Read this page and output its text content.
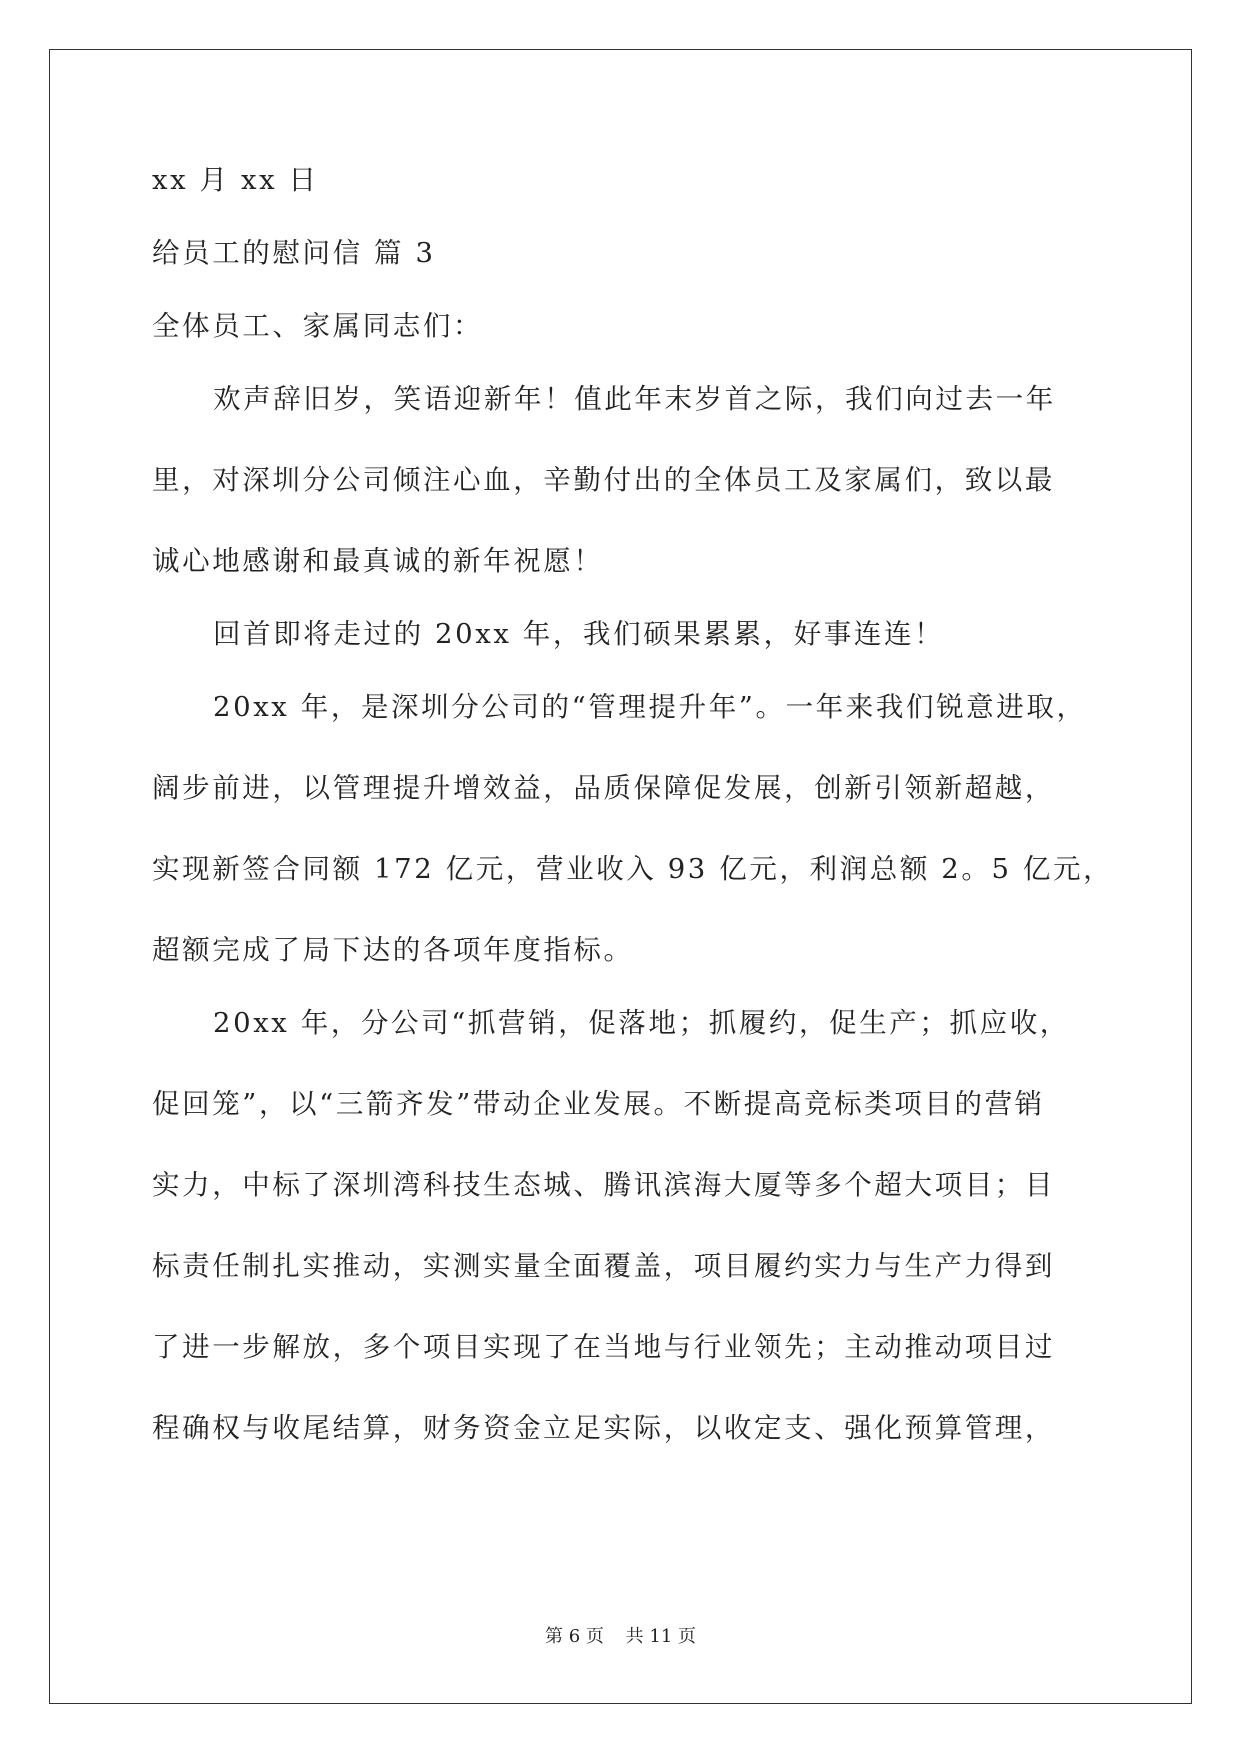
xx 月 xx 日
给员工的慰问信 篇 3
全体员工、家属同志们：
欢声辞旧岁，笑语迎新年！值此年末岁首之际，我们向过去一年
里，对深圳分公司倾注心血，辛勤付出的全体员工及家属们，致以最
诚心地感谢和最真诚的新年祝愿！
回首即将走过的 20xx 年，我们硕果累累，好事连连！
20xx 年，是深圳分公司的“管理提升年”。一年来我们锐意进取，
阔步前进，以管理提升增效益，品质保障促发展，创新引领新超越，
实现新签合同额 172 亿元，营业收入 93 亿元，利润总额 2。5 亿元，
超额完成了局下达的各项年度指标。
20xx 年，分公司“抓营销，促落地；抓履约，促生产；抓应收，
促回笼”，以“三箭齐发”带动企业发展。不断提高竞标类项目的营销
实力，中标了深圳湾科技生态城、腾讯滨海大厦等多个超大项目；目
标责任制扎实推动，实测实量全面覆盖，项目履约实力与生产力得到
了进一步解放，多个项目实现了在当地与行业领先；主动推动项目过
程确权与收尾结算，财务资金立足实际，以收定支、强化预算管理，
第 6 页 共 11 页
